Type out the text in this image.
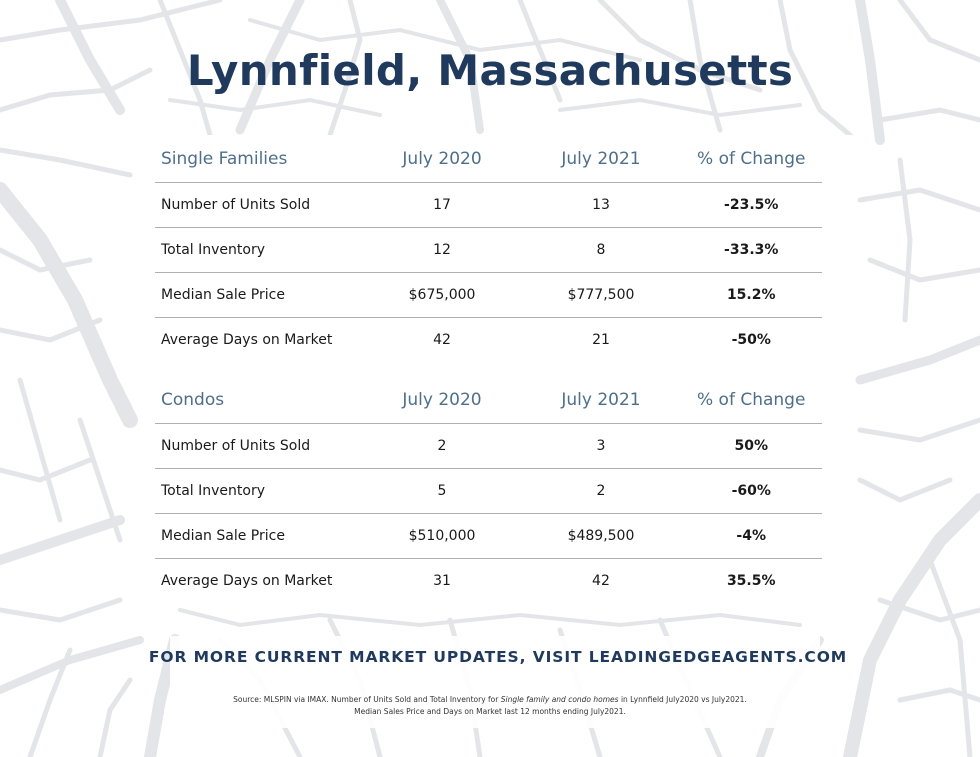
Lynnfield, Massachusetts
Single Families	July 2020	July 2021	% of Change
Number of Units Sold	17	13	-23.5%
Total Inventory	12	8	-33.3%
Median Sale Price	$675,000	$777,500	15.2%
Average Days on Market	42	21	-50%
Condos	July 2020	July 2021	% of Change
Number of Units Sold	2	3	50%
Total Inventory	5	2	-60%
Median Sale Price	$510,000	$489,500	-4%
Average Days on Market	31	42	35.5%
FOR MORE CURRENT MARKET UPDATES, VISIT LEADINGEDGEAGENTS.COM
Source: MLSPIN via IMAX. Number of Units Sold and Total Inventory for Single family and condo homes in Lynnfield July2020 vs July2021.
Median Sales Price and Days on Market last 12 months ending July2021.
